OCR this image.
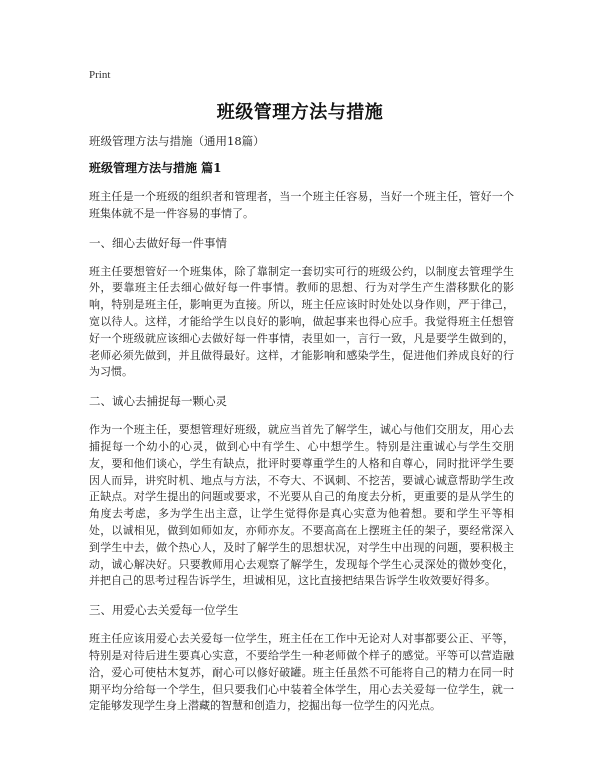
Print
班级管理方法与措施

班级管理方法与措施（通用18篇）

班级管理方法与措施 篇1

班主任是一个班级的组织者和管理者，当一个班主任容易，当好一个班主任，管好一个班集体就不是一件容易的事情了。

一、细心去做好每一件事情

班主任要想管好一个班集体，除了靠制定一套切实可行的班级公约，以制度去管理学生外，要靠班主任去细心做好每一件事情。教师的思想、行为对学生产生潜移默化的影响，特别是班主任，影响更为直接。所以，班主任应该时时处处以身作则，严于律己，宽以待人。这样，才能给学生以良好的影响，做起事来也得心应手。我觉得班主任想管好一个班级就应该细心去做好每一件事情，表里如一，言行一致，凡是要学生做到的，老师必须先做到，并且做得最好。这样，才能影响和感染学生，促进他们养成良好的行为习惯。

二、诚心去捕捉每一颗心灵

作为一个班主任，要想管理好班级，就应当首先了解学生，诚心与他们交朋友，用心去捕捉每一个幼小的心灵，做到心中有学生、心中想学生。特别是注重诚心与学生交朋友，要和他们谈心，学生有缺点，批评时要尊重学生的人格和自尊心，同时批评学生要因人而异，讲究时机、地点与方法，不夸大、不讽刺、不挖苦，要诚心诚意帮助学生改正缺点。对学生提出的问题或要求，不光要从自己的角度去分析，更重要的是从学生的角度去考虑，多为学生出主意，让学生觉得你是真心实意为他着想。要和学生平等相处，以诚相见，做到如师如友，亦师亦友。不要高高在上摆班主任的架子，要经常深入到学生中去，做个热心人，及时了解学生的思想状况，对学生中出现的问题，要积极主动，诚心解决好。只要教师用心去观察了解学生，发现每个学生心灵深处的微妙变化，并把自己的思考过程告诉学生，坦诚相见，这比直接把结果告诉学生收效要好得多。

三、用爱心去关爱每一位学生

班主任应该用爱心去关爱每一位学生，班主任在工作中无论对人对事都要公正、平等，特别是对待后进生要真心实意，不要给学生一种老师做个样子的感觉。平等可以营造融洽，爱心可使枯木复苏，耐心可以修好破罐。班主任虽然不可能将自己的精力在同一时期平均分给每一个学生，但只要我们心中装着全体学生，用心去关爱每一位学生，就一定能够发现学生身上潜藏的智慧和创造力，挖掘出每一位学生的闪光点。
